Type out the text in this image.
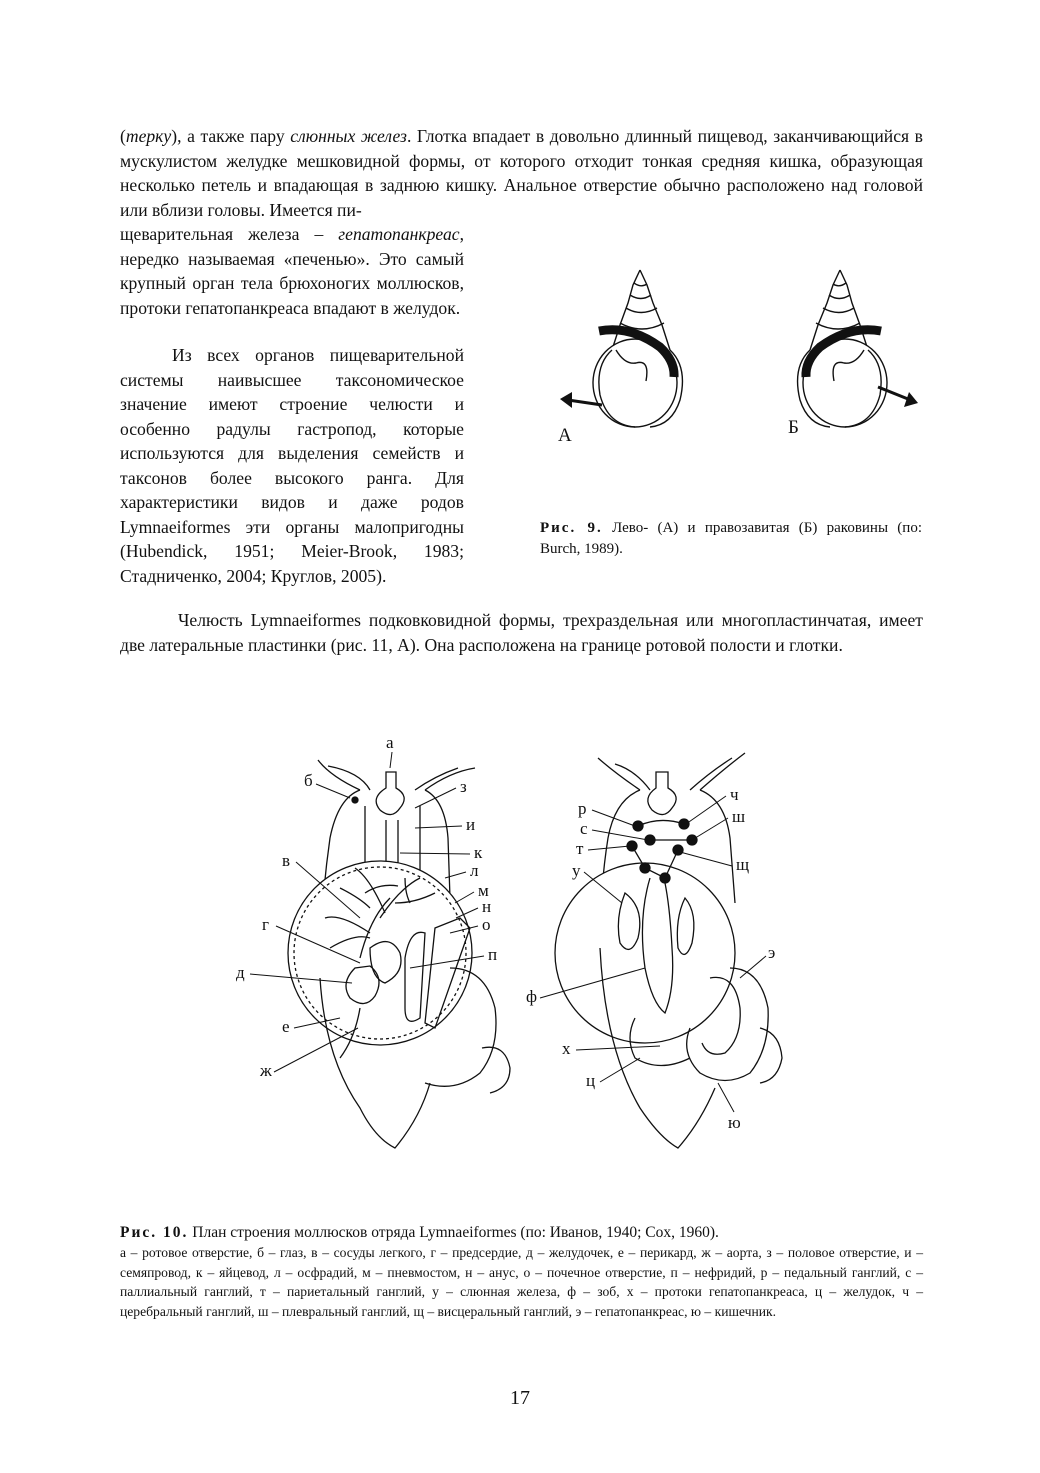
(терку), а также пару слюнных желез. Глотка впадает в довольно длинный пищевод, заканчивающийся в мускулистом желудке мешковидной формы, от которого отходит тонкая средняя кишка, образующая несколько петель и впадающая в заднюю кишку. Анальное отверстие обычно расположено над головой или вблизи головы. Имеется пи-
щеварительная железа – гепатопанкреас, нередко называемая «печенью». Это самый крупный орган тела брюхоногих моллюсков, протоки гепатопанкреаса впадают в желудок.
Из всех органов пищеварительной системы наивысшее таксономическое значение имеют строение челюсти и особенно радулы гастропод, которые используются для выделения семейств и таксонов более высокого ранга. Для характеристики видов и даже родов Lymnaeiformes эти органы малопригодны (Hubendick, 1951; Meier-Brook, 1983; Стадниченко, 2004; Круглов, 2005).
А	Б
Рис. 9. Лево- (А) и правозавитая (Б) раковины (по: Burch, 1989).
Челюсть Lymnaeiformes подковковидной формы, трехраздельная или многопластинчатая, имеет две латеральные пластинки (рис. 11, А). Она расположена на границе ротовой полости и глотки.
а
б
в
г
д
е
ж
з
и
к
л
м
н
о
п
р
с
т
у
ф
х
ц
ч
ш
щ
э
ю
Рис. 10. План строения моллюсков отряда Lymnaeiformes (по: Иванов, 1940; Cox, 1960).
а – ротовое отверстие, б – глаз, в – сосуды легкого, г – предсердие, д – желудочек, е – перикард, ж – аорта, з – половое отверстие, и – семяпровод, к – яйцевод, л – осфрадий, м – пневмостом, н – анус, о – почечное отверстие, п – нефридий, р – педальный ганглий, с – паллиальный ганглий, т – париетальный ганглий, у – слюнная железа, ф – зоб, х – протоки гепатопанкреаса, ц – желудок, ч – церебральный ганглий, ш – плевральный ганглий, щ – висцеральный ганглий, э – гепатопанкреас, ю – кишечник.
17
